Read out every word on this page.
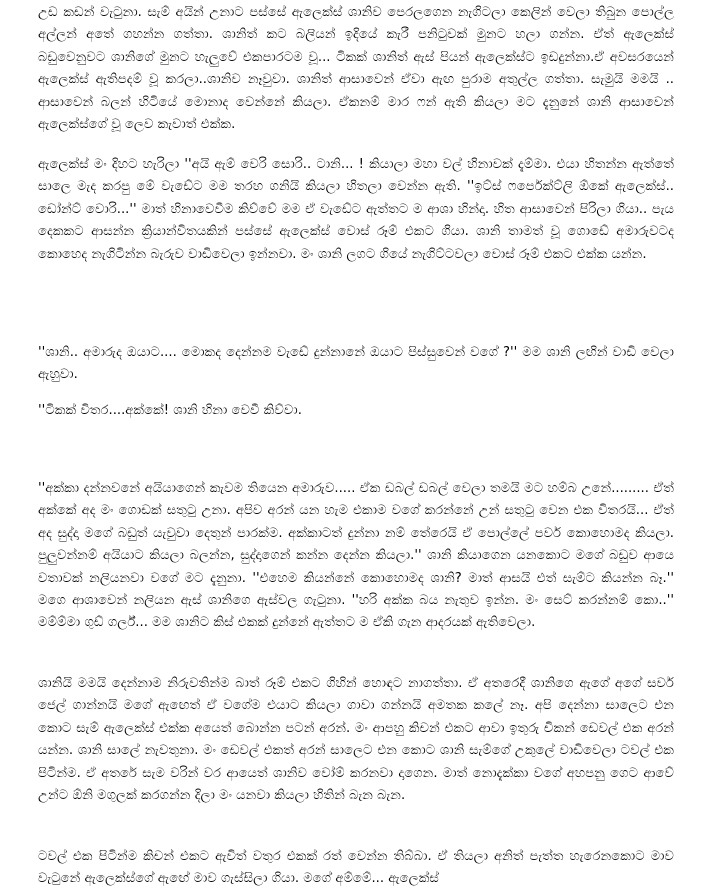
උඩ කඩන් වැටුනා. සැම් අයින් උනාට පස්සේ ඇලෙක්ස් ශානිව පෙරලගෙන නැගිටලා කෙලින් වෙලා තිබුන පොල්ල අල්ලන් අතේ ගහන්න ගත්තා. ශානිත් කට බලියන් ඉදියේ කැරී පනිටුවක් මුනට හලා ගන්න. ඒත් ඇලෙක්ස් බඩුවෙනුවට ශානිගේ මුනට හැලුවේ එකපාරටම වූ... ටිකක් ශානිත් ඇස් පියන් ඇලෙක්ස්ට ඉඩදුන්නා.ඒ අවසරයෙන් ඇලෙක්ස් ඇතිපදම් වූ කරලා..ශානිව නෑවුවා. ශානිත් ආසාවෙන් ඒවා ඇඟ පුරාම අතුල්ල ගත්තා. සැමුයි මමයි .. ආසාවෙන් බලන් හිටියේ මොනාද වෙන්නේ කියලා. ඒකනම් මාර ෆන් ඇති කියලා මට දැනුනේ ශානි ආසාවෙන් ඇලෙක්ස්ගේ වූ ලෙව කැවාත් එක්ක.

ඇලෙක්ස් මං දිහට හැරිලා ''අයි ඇම් වෙරි සොරි.. ටානි... ! කියාලා මහා වල් හිනාවක් දැම්මා. එයා හිතන්න ඇත්තේ සාලෙ මැද කරපු මේ වැඩේට මම තරහ ගනියි කියලා හිතලා වෙන්න ඇති. ''ඉට්ස් ෆර්පෙක්ට්ලි ඕකේ ඇලෙක්ස්.. ඩෝන්ට් වොරි...'' මාත් හිනාවෙවීම කිව්වේ මම ඒ වැඩේට ඇත්තට ම ආශා හින්දා. හිත ආසාවෙන් පිරිලා ගියා.. පැය දෙකකට ආසන්න ක්‍රියාන්විතයකින් පස්සේ ඇලෙක්ස් වොස් රූම් එකට ගියා. ශානි තාමත් වූ ගොඩේ අමාරුවටද කොහෙද නැගිටින්න බැරුව වාඩිවෙලා ඉන්නවා. මං ශානි ලගට ගියේ නැගිට්ටවලා වොස් රූම් එකට එක්ක යන්න.

''ශානි.. අමාරුද ඔයාට.... මොකද දෙන්නම වැඩේ දුන්නානේ ඔයාට පිස්සුවෙන් වගේ ?'' මම ශානි ලඟින් වාඩි වෙලා ඇහුවා.

''ටිකක් විතර....අක්කේ! ශානි හිනා වෙවී කිව්වා.

''අක්කා දන්නවනේ අයියාගෙන් කැවම තියෙන අමාරුව..... ඒක ඩබල් ඩබල් වෙලා තමයි මට හම්බ උනේ......... ඒත් අක්කේ අද මං ගොඩක් සතුටු උනා. අපිව අරන් යන හැම එකාම වගේ කරන්නේ උන් සතුටු වෙන එක විතරයි... ඒත් අද සුද්දා මගේ බඩුත් යැවුවා දෙතුන් පාරක්ම. අක්කාටත් දුන්නා නම් තේරෙයි ඒ පොල්ලේ පවර් කොහොමද කියලා. පුලුවන්නම් අයියාට කියලා බලන්න, සුද්දාගෙන් කන්න දෙන්න කියලා.'' ශානි කියාගෙන යනකොට මගේ බඩුව ආයෙ වතාවක් නලියනවා වගේ මට දැනුනා. ''එහෙම කියන්නේ කොහොමද ශානි? මාත් ආසයි එත් සැම්ට කියන්න බෑ.'' මගෙ ආශාවෙන් නලියන ඇස් ශානිගෙ ඇස්වල ගැටුනා. ''හරි අක්ක බය නැතුව ඉන්න. මං සෙට් කරන්නම් කො..'' මම්ම්මා ගුඩ් ගර්ල්... මම ශානිට කිස් එකක් දුන්නේ ඇත්තට ම ඒකි ගැන ආදරයක් ඇතිවෙලා.

ශානියි මමයි දෙන්නාම නිරුවතින්ම බාත් රූම් එකට ගිහින් හොඳට නාගත්තා. ඒ අතරෙදී ශානිගෙ ඇගේ අගේ සවර් ජෙල් ගාන්නයි මගේ ඇඟෙත් ඒ වගේම එයාට කියලා ගාවා ගන්නයි අමතක කලේ නෑ. අපි දෙන්නා සාලෙට එන කොට සැම් ඇලෙක්ස් එක්ක අයෙත් බොන්න පටන් අරන්. මං ආපහු කිචන් එකට ආවා ඉතුරු චිකන් ඩෙවල් එක අරන් යන්න. ශානි සාලේ නැවතුනා. මං ඩෙවල් එකත් අරන් සාලෙට එන කොට ශානි සැම්ගේ උකුලේ වාඩිවෙලා ටවල් එක පිටින්ම. ඒ අතරේ සැම වරින් වර ආයෙත් ශානිව වෝම් කරනවා දාගෙන. මාත් නොදැක්කා වගේ අහපනු ගෙට ආවේ උන්ට ඕනි මගුලක් කරගන්න දිලා මං යනවා කියලා හිතින් බැන බැන.

ටවල් එක පිටින්ම කිචන් එකට ඇවිත් වතුර එකක් රත් වෙන්න තිබ්බා. ඒ තියලා අනිත් පැත්ත හැරෙනකොට මාව වැටුනේ ඇලෙක්ස්ගේ ඇඟේ මාව ගැස්සිලා ගියා. මගේ අම්මේ... ඇලෙක්ස්
